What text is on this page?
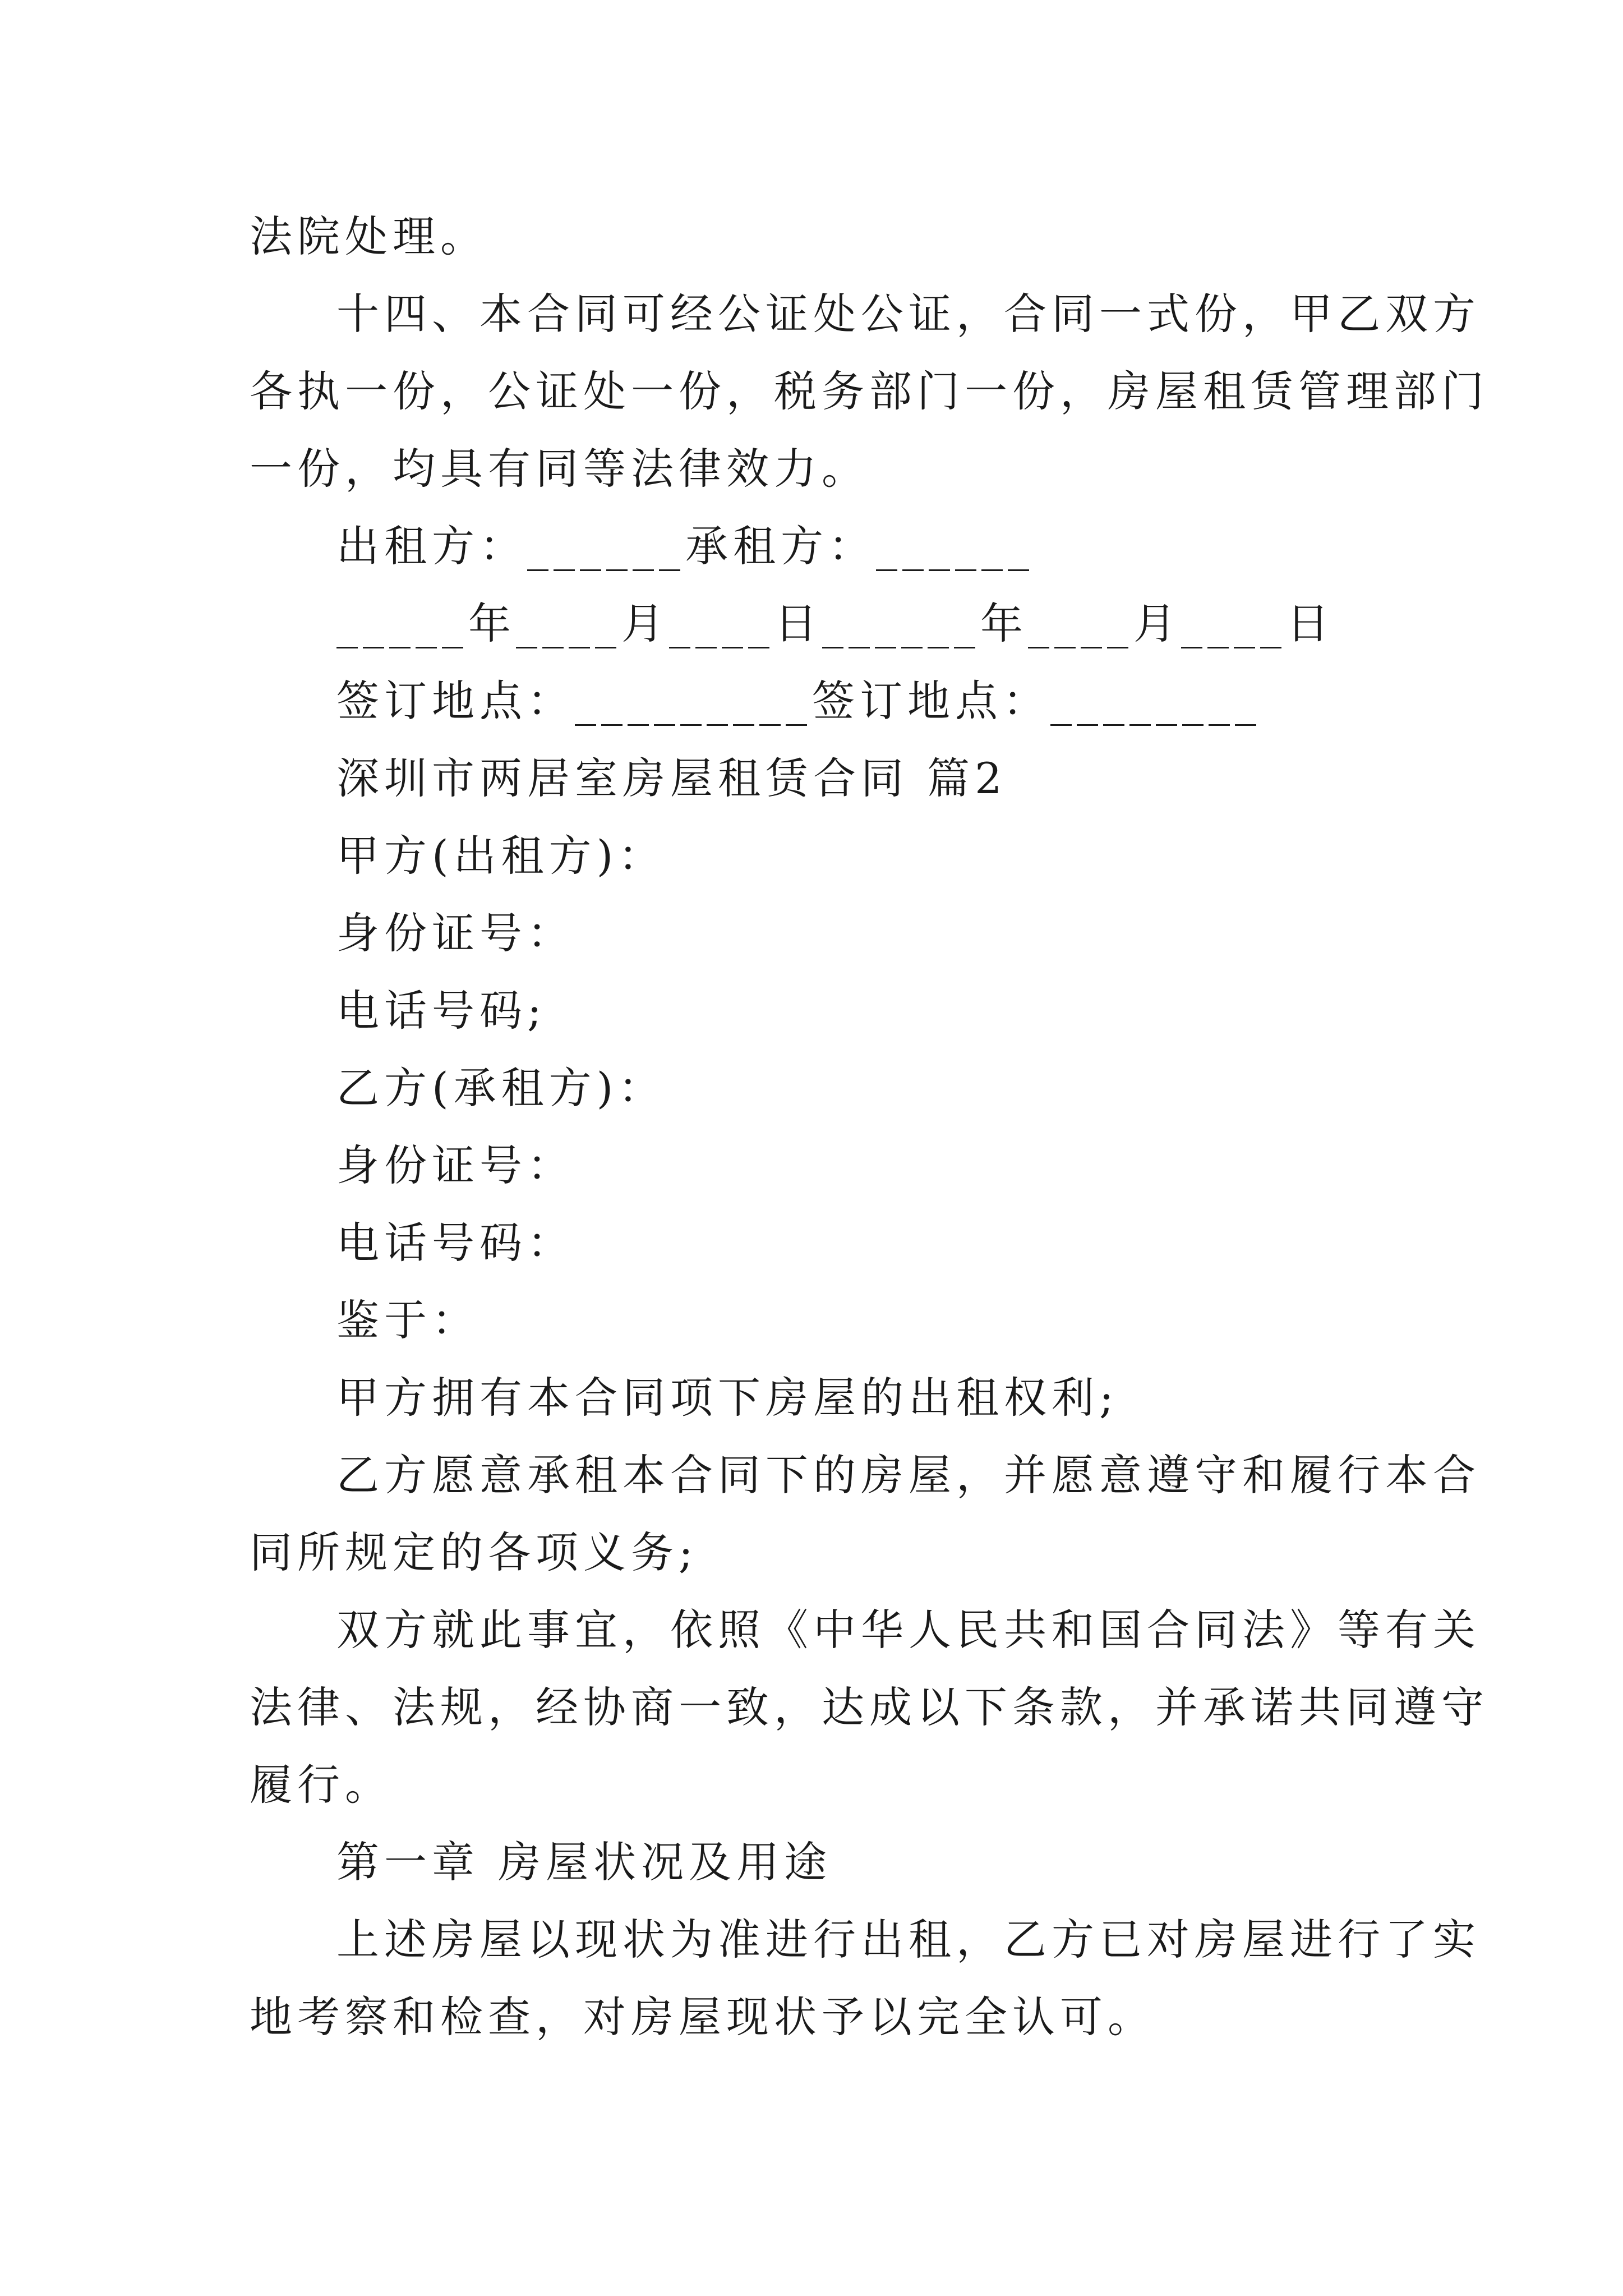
法院处理。
十四、本合同可经公证处公证，合同一式份，甲乙双方
各执一份，公证处一份，税务部门一份，房屋租赁管理部门
一份，均具有同等法律效力。
出租方：______承租方：______
_____年____月____日______年____月____日
签订地点：_________签订地点：________
深圳市两居室房屋租赁合同 篇2
甲方(出租方)：
身份证号：
电话号码;
乙方(承租方)：
身份证号：
电话号码：
鉴于：
甲方拥有本合同项下房屋的出租权利;
乙方愿意承租本合同下的房屋，并愿意遵守和履行本合
同所规定的各项义务;
双方就此事宜，依照《中华人民共和国合同法》等有关
法律、法规，经协商一致，达成以下条款，并承诺共同遵守
履行。
第一章 房屋状况及用途
上述房屋以现状为准进行出租，乙方已对房屋进行了实
地考察和检查，对房屋现状予以完全认可。
